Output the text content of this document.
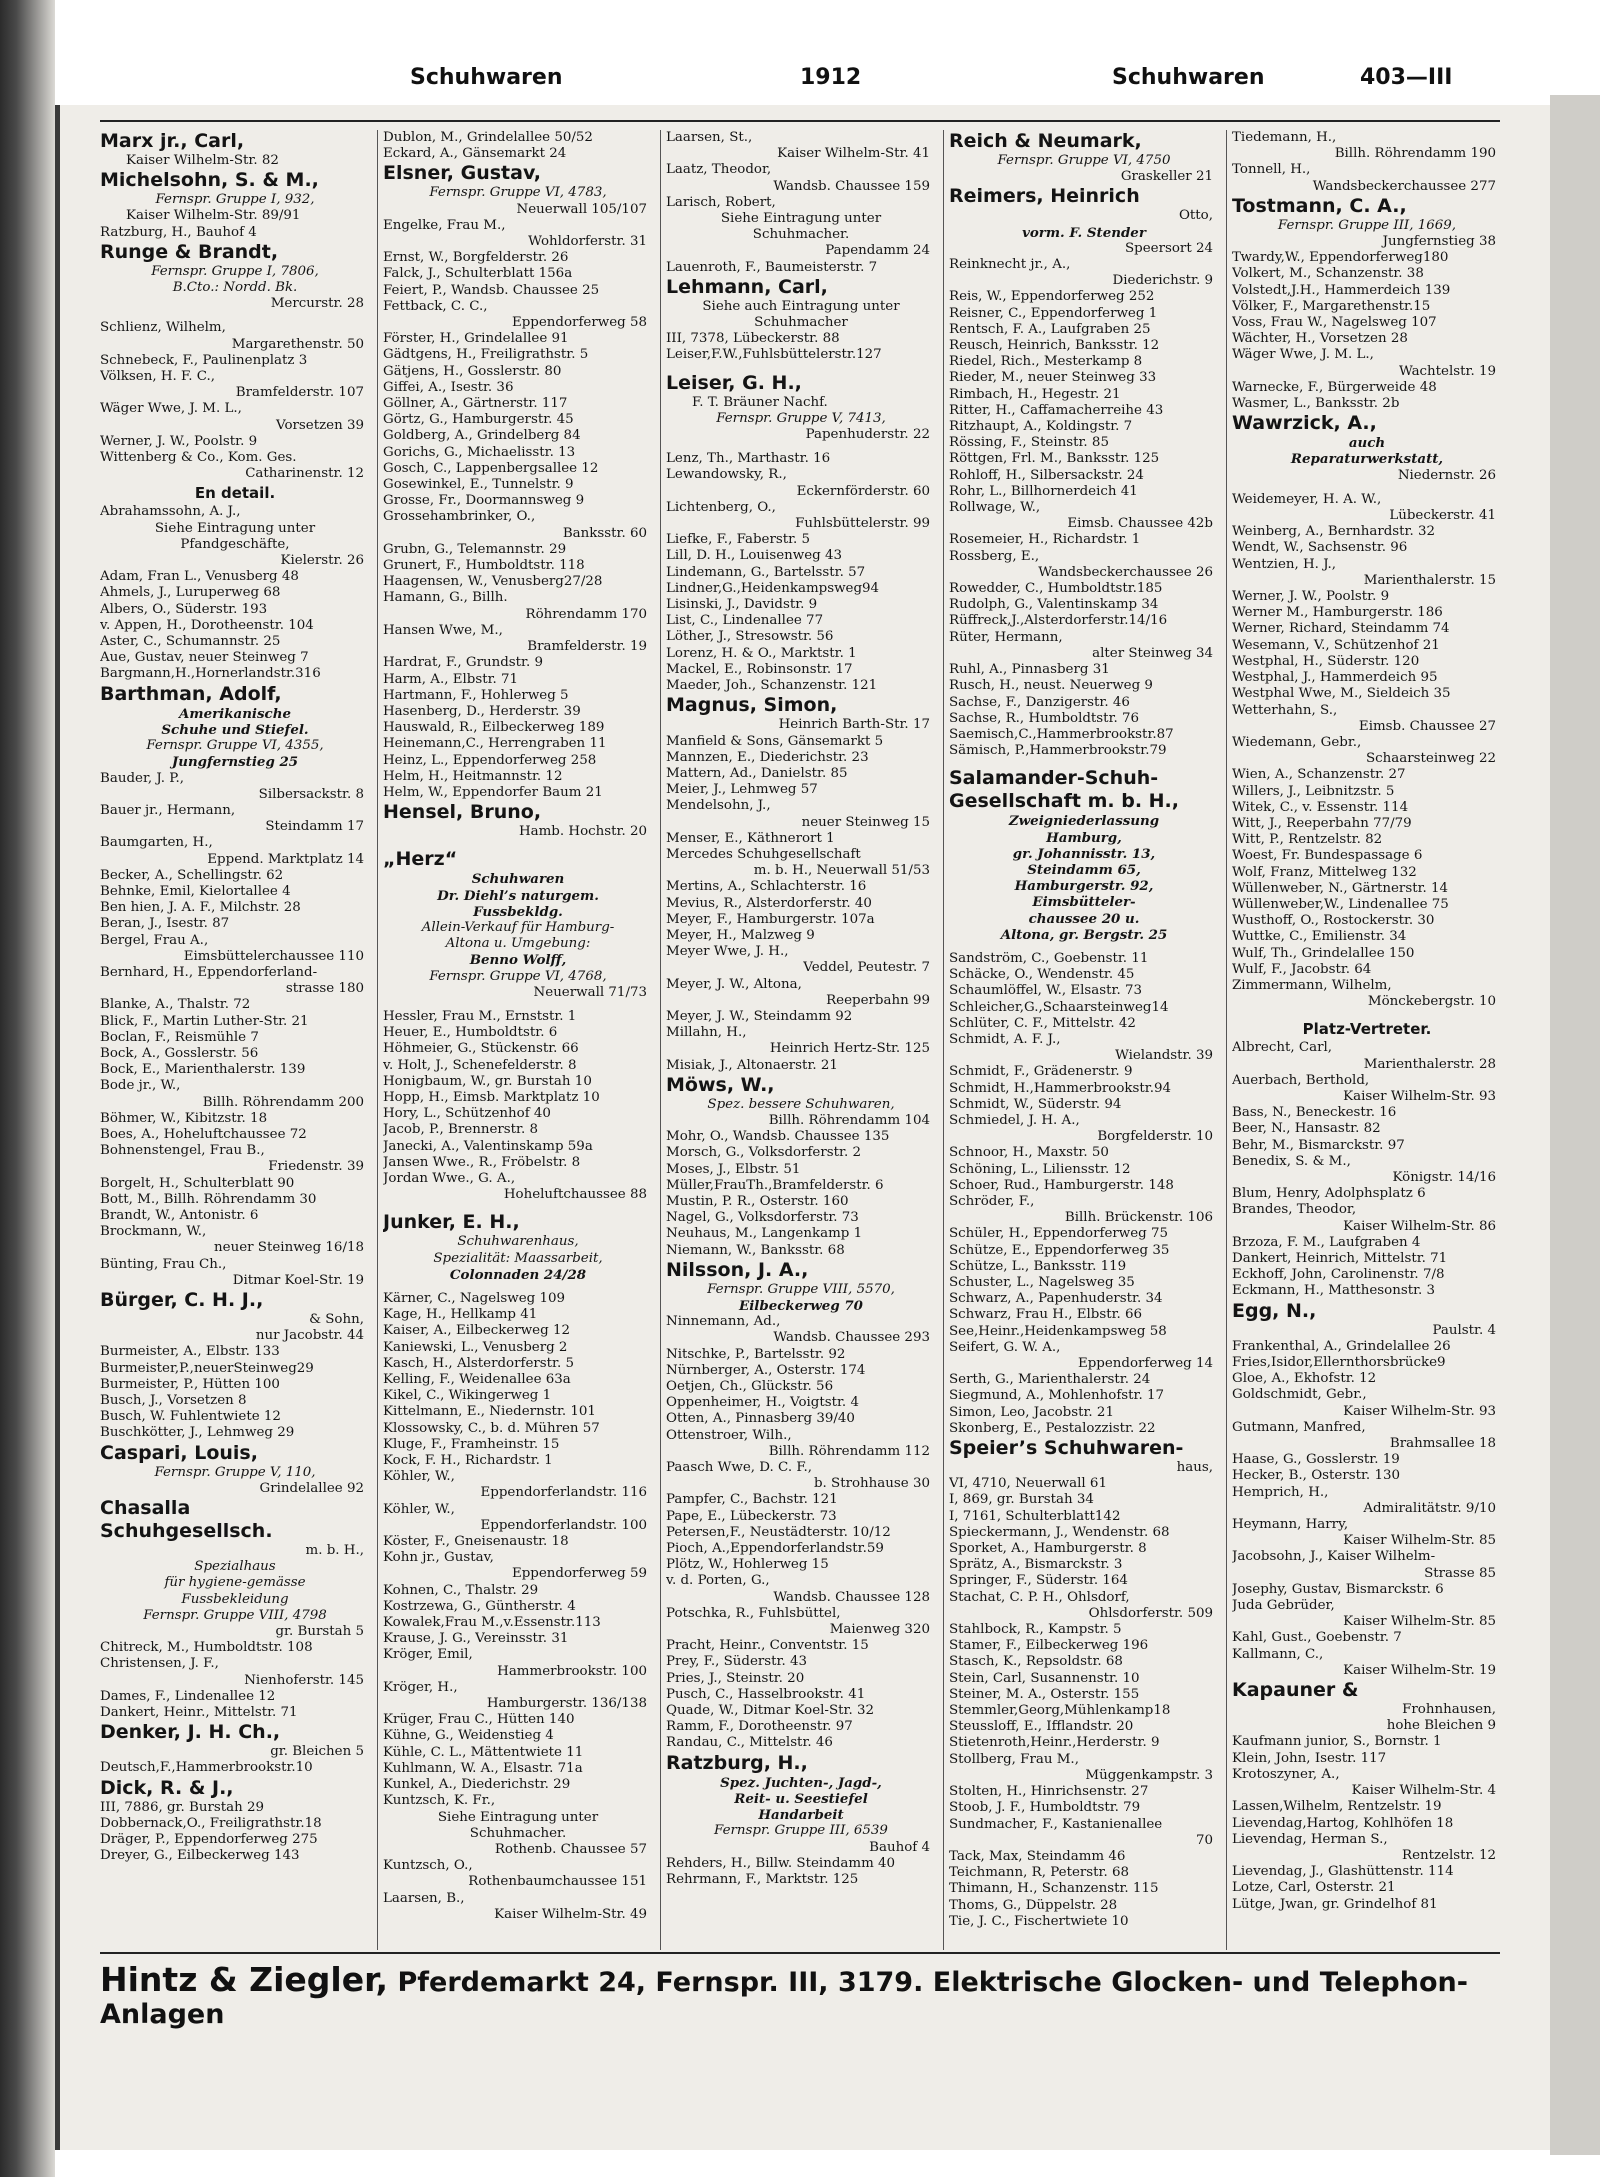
Schuhwaren	1912	Schuhwaren	403—III
Marx jr., Carl,
Kaiser Wilhelm-Str. 82
Michelsohn, S. & M.,
Fernspr. Gruppe I, 932,
Kaiser Wilhelm-Str. 89/91
Ratzburg, H., Bauhof 4
Runge & Brandt,
Fernspr. Gruppe I, 7806,
B.Cto.: Nordd. Bk.
Mercurstr. 28
Schlienz, Wilhelm,
Margarethenstr. 50
Schnebeck, F., Paulinenplatz 3
Völksen, H. F. C.,
Bramfelderstr. 107
Wäger Wwe, J. M. L.,
Vorsetzen 39
Werner, J. W., Poolstr. 9
Wittenberg & Co., Kom. Ges.
Catharinenstr. 12
En detail.
Abrahamssohn, A. J.,
Siehe Eintragung unter
Pfandgeschäfte,
Kielerstr. 26
Adam, Fran L., Venusberg 48
Ahmels, J., Luruperweg 68
Albers, O., Süderstr. 193
v. Appen, H., Dorotheenstr. 104
Aster, C., Schumannstr. 25
Aue, Gustav, neuer Steinweg 7
Bargmann,H.,Hornerlandstr.316
Barthman, Adolf,
Amerikanische
Schuhe und Stiefel.
Fernspr. Gruppe VI, 4355,
Jungfernstieg 25
Bauder, J. P.,
Silbersackstr. 8
Bauer jr., Hermann,
Steindamm 17
Baumgarten, H.,
Eppend. Marktplatz 14
Becker, A., Schellingstr. 62
Behnke, Emil, Kielortallee 4
Ben hien, J. A. F., Milchstr. 28
Beran, J., Isestr. 87
Bergel, Frau A.,
Eimsbüttelerchaussee 110
Bernhard, H., Eppendorferland-
strasse 180
Blanke, A., Thalstr. 72
Blick, F., Martin Luther-Str. 21
Boclan, F., Reismühle 7
Bock, A., Gosslerstr. 56
Bock, E., Marienthalerstr. 139
Bode jr., W.,
Billh. Röhrendamm 200
Böhmer, W., Kibitzstr. 18
Boes, A., Hoheluftchaussee 72
Bohnenstengel, Frau B.,
Friedenstr. 39
Borgelt, H., Schulterblatt 90
Bott, M., Billh. Röhrendamm 30
Brandt, W., Antonistr. 6
Brockmann, W.,
neuer Steinweg 16/18
Bünting, Frau Ch.,
Ditmar Koel-Str. 19
Bürger, C. H. J.,
& Sohn,
nur Jacobstr. 44
Burmeister, A., Elbstr. 133
Burmeister,P.,neuerSteinweg29
Burmeister, P., Hütten 100
Busch, J., Vorsetzen 8
Busch, W. Fuhlentwiete 12
Buschkötter, J., Lehmweg 29
Caspari, Louis,
Fernspr. Gruppe V, 110,
Grindelallee 92
Chasalla
Schuhgesellsch.
m. b. H.,
Spezialhaus
für hygiene-gemässe
Fussbekleidung
Fernspr. Gruppe VIII, 4798
gr. Burstah 5
Chitreck, M., Humboldtstr. 108
Christensen, J. F.,
Nienhoferstr. 145
Dames, F., Lindenallee 12
Dankert, Heinr., Mittelstr. 71
Denker, J. H. Ch.,
gr. Bleichen 5
Deutsch,F.,Hammerbrookstr.10
Dick, R. & J.,
III, 7886, gr. Burstah 29
Dobbernack,O., Freiligrathstr.18
Dräger, P., Eppendorferweg 275
Dreyer, G., Eilbeckerweg 143
Dublon, M., Grindelallee 50/52
Eckard, A., Gänsemarkt 24
Elsner, Gustav,
Fernspr. Gruppe VI, 4783,
Neuerwall 105/107
Engelke, Frau M.,
Wohldorferstr. 31
Ernst, W., Borgfelderstr. 26
Falck, J., Schulterblatt 156a
Feiert, P., Wandsb. Chaussee 25
Fettback, C. C.,
Eppendorferweg 58
Förster, H., Grindelallee 91
Gädtgens, H., Freiligrathstr. 5
Gätjens, H., Gosslerstr. 80
Giffei, A., Isestr. 36
Göllner, A., Gärtnerstr. 117
Görtz, G., Hamburgerstr. 45
Goldberg, A., Grindelberg 84
Gorichs, G., Michaelisstr. 13
Gosch, C., Lappenbergsallee 12
Gosewinkel, E., Tunnelstr. 9
Grosse, Fr., Doormannsweg 9
Grossehambrinker, O.,
Banksstr. 60
Grubn, G., Telemannstr. 29
Grunert, F., Humboldtstr. 118
Haagensen, W., Venusberg27/28
Hamann, G., Billh.
Röhrendamm 170
Hansen Wwe, M.,
Bramfelderstr. 19
Hardrat, F., Grundstr. 9
Harm, A., Elbstr. 71
Hartmann, F., Hohlerweg 5
Hasenberg, D., Herderstr. 39
Hauswald, R., Eilbeckerweg 189
Heinemann,C., Herrengraben 11
Heinz, L., Eppendorferweg 258
Helm, H., Heitmannstr. 12
Helm, W., Eppendorfer Baum 21
Hensel, Bruno,
Hamb. Hochstr. 20
„Herz“
Schuhwaren
Dr. Diehl’s naturgem.
Fussbekldg.
Allein-Verkauf für Hamburg-
Altona u. Umgebung:
Benno Wolff,
Fernspr. Gruppe VI, 4768,
Neuerwall 71/73
Hessler, Frau M., Ernststr. 1
Heuer, E., Humboldtstr. 6
Höhmeier, G., Stückenstr. 66
v. Holt, J., Schenefelderstr. 8
Honigbaum, W., gr. Burstah 10
Hopp, H., Eimsb. Marktplatz 10
Hory, L., Schützenhof 40
Jacob, P., Brennerstr. 8
Janecki, A., Valentinskamp 59a
Jansen Wwe., R., Fröbelstr. 8
Jordan Wwe., G. A.,
Hoheluftchaussee 88
Junker, E. H.,
Schuhwarenhaus,
Spezialität: Maassarbeit,
Colonnaden 24/28
Kärner, C., Nagelsweg 109
Kage, H., Hellkamp 41
Kaiser, A., Eilbeckerweg 12
Kaniewski, L., Venusberg 2
Kasch, H., Alsterdorferstr. 5
Kelling, F., Weidenallee 63a
Kikel, C., Wikingerweg 1
Kittelmann, E., Niedernstr. 101
Klossowsky, C., b. d. Mühren 57
Kluge, F., Framheinstr. 15
Kock, F. H., Richardstr. 1
Köhler, W.,
Eppendorferlandstr. 116
Köhler, W.,
Eppendorferlandstr. 100
Köster, F., Gneisenaustr. 18
Kohn jr., Gustav,
Eppendorferweg 59
Kohnen, C., Thalstr. 29
Kostrzewa, G., Güntherstr. 4
Kowalek,Frau M.,v.Essenstr.113
Krause, J. G., Vereinsstr. 31
Kröger, Emil,
Hammerbrookstr. 100
Kröger, H.,
Hamburgerstr. 136/138
Krüger, Frau C., Hütten 140
Kühne, G., Weidenstieg 4
Kühle, C. L., Mättentwiete 11
Kuhlmann, W. A., Elsastr. 71a
Kunkel, A., Diederichstr. 29
Kuntzsch, K. Fr.,
Siehe Eintragung unter
Schuhmacher.
Rothenb. Chaussee 57
Kuntzsch, O.,
Rothenbaumchaussee 151
Laarsen, B.,
Kaiser Wilhelm-Str. 49
Laarsen, St.,
Kaiser Wilhelm-Str. 41
Laatz, Theodor,
Wandsb. Chaussee 159
Larisch, Robert,
Siehe Eintragung unter
Schuhmacher.
Papendamm 24
Lauenroth, F., Baumeisterstr. 7
Lehmann, Carl,
Siehe auch Eintragung unter
Schuhmacher
III, 7378, Lübeckerstr. 88
Leiser,F.W.,Fuhlsbüttelerstr.127
Leiser, G. H.,
F. T. Bräuner Nachf.
Fernspr. Gruppe V, 7413,
Papenhuderstr. 22
Lenz, Th., Marthastr. 16
Lewandowsky, R.,
Eckernförderstr. 60
Lichtenberg, O.,
Fuhlsbüttelerstr. 99
Liefke, F., Faberstr. 5
Lill, D. H., Louisenweg 43
Lindemann, G., Bartelsstr. 57
Lindner,G.,Heidenkampsweg94
Lisinski, J., Davidstr. 9
List, C., Lindenallee 77
Löther, J., Stresowstr. 56
Lorenz, H. & O., Marktstr. 1
Mackel, E., Robinsonstr. 17
Maeder, Joh., Schanzenstr. 121
Magnus, Simon,
Heinrich Barth-Str. 17
Manfield & Sons, Gänsemarkt 5
Mannzen, E., Diederichstr. 23
Mattern, Ad., Danielstr. 85
Meier, J., Lehmweg 57
Mendelsohn, J.,
neuer Steinweg 15
Menser, E., Käthnerort 1
Mercedes Schuhgesellschaft
m. b. H., Neuerwall 51/53
Mertins, A., Schlachterstr. 16
Mevius, R., Alsterdorferstr. 40
Meyer, F., Hamburgerstr. 107a
Meyer, H., Malzweg 9
Meyer Wwe, J. H.,
Veddel, Peutestr. 7
Meyer, J. W., Altona,
Reeperbahn 99
Meyer, J. W., Steindamm 92
Millahn, H.,
Heinrich Hertz-Str. 125
Misiak, J., Altonaerstr. 21
Möws, W.,
Spez. bessere Schuhwaren,
Billh. Röhrendamm 104
Mohr, O., Wandsb. Chaussee 135
Morsch, G., Volksdorferstr. 2
Moses, J., Elbstr. 51
Müller,FrauTh.,Bramfelderstr. 6
Mustin, P. R., Osterstr. 160
Nagel, G., Volksdorferstr. 73
Neuhaus, M., Langenkamp 1
Niemann, W., Banksstr. 68
Nilsson, J. A.,
Fernspr. Gruppe VIII, 5570,
Eilbeckerweg 70
Ninnemann, Ad.,
Wandsb. Chaussee 293
Nitschke, P., Bartelsstr. 92
Nürnberger, A., Osterstr. 174
Oetjen, Ch., Glückstr. 56
Oppenheimer, H., Voigtstr. 4
Otten, A., Pinnasberg 39/40
Ottenstroer, Wilh.,
Billh. Röhrendamm 112
Paasch Wwe, D. C. F.,
b. Strohhause 30
Pampfer, C., Bachstr. 121
Pape, E., Lübeckerstr. 73
Petersen,F., Neustädterstr. 10/12
Pioch, A.,Eppendorferlandstr.59
Plötz, W., Hohlerweg 15
v. d. Porten, G.,
Wandsb. Chaussee 128
Potschka, R., Fuhlsbüttel,
Maienweg 320
Pracht, Heinr., Conventstr. 15
Prey, F., Süderstr. 43
Pries, J., Steinstr. 20
Pusch, C., Hasselbrookstr. 41
Quade, W., Ditmar Koel-Str. 32
Ramm, F., Dorotheenstr. 97
Randau, C., Mittelstr. 46
Ratzburg, H.,
Spez. Juchten-, Jagd-,
Reit- u. Seestiefel
Handarbeit
Fernspr. Gruppe III, 6539
Bauhof 4
Rehders, H., Billw. Steindamm 40
Rehrmann, F., Marktstr. 125
Reich & Neumark,
Fernspr. Gruppe VI, 4750
Graskeller 21
Reimers, Heinrich
Otto,
vorm. F. Stender
Speersort 24
Reinknecht jr., A.,
Diederichstr. 9
Reis, W., Eppendorferweg 252
Reisner, C., Eppendorferweg 1
Rentsch, F. A., Laufgraben 25
Reusch, Heinrich, Banksstr. 12
Riedel, Rich., Mesterkamp 8
Rieder, M., neuer Steinweg 33
Rimbach, H., Hegestr. 21
Ritter, H., Caffamacherreihe 43
Ritzhaupt, A., Koldingstr. 7
Rössing, F., Steinstr. 85
Röttgen, Frl. M., Banksstr. 125
Rohloff, H., Silbersackstr. 24
Rohr, L., Billhornerdeich 41
Rollwage, W.,
Eimsb. Chaussee 42b
Rosemeier, H., Richardstr. 1
Rossberg, E.,
Wandsbeckerchaussee 26
Rowedder, C., Humboldtstr.185
Rudolph, G., Valentinskamp 34
Rüffreck,J.,Alsterdorferstr.14/16
Rüter, Hermann,
alter Steinweg 34
Ruhl, A., Pinnasberg 31
Rusch, H., neust. Neuerweg 9
Sachse, F., Danzigerstr. 46
Sachse, R., Humboldtstr. 76
Saemisch,C.,Hammerbrookstr.87
Sämisch, P.,Hammerbrookstr.79
Salamander-Schuh-
Gesellschaft m. b. H.,
Zweigniederlassung
Hamburg,
gr. Johannisstr. 13,
Steindamm 65,
Hamburgerstr. 92,
Eimsbütteler-
chaussee 20 u.
Altona, gr. Bergstr. 25
Sandström, C., Goebenstr. 11
Schäcke, O., Wendenstr. 45
Schaumlöffel, W., Elsastr. 73
Schleicher,G.,Schaarsteinweg14
Schlüter, C. F., Mittelstr. 42
Schmidt, A. F. J.,
Wielandstr. 39
Schmidt, F., Grädenerstr. 9
Schmidt, H.,Hammerbrookstr.94
Schmidt, W., Süderstr. 94
Schmiedel, J. H. A.,
Borgfelderstr. 10
Schnoor, H., Maxstr. 50
Schöning, L., Liliensstr. 12
Schoer, Rud., Hamburgerstr. 148
Schröder, F.,
Billh. Brückenstr. 106
Schüler, H., Eppendorferweg 75
Schütze, E., Eppendorferweg 35
Schütze, L., Banksstr. 119
Schuster, L., Nagelsweg 35
Schwarz, A., Papenhuderstr. 34
Schwarz, Frau H., Elbstr. 66
See,Heinr.,Heidenkampsweg 58
Seifert, G. W. A.,
Eppendorferweg 14
Serth, G., Marienthalerstr. 24
Siegmund, A., Mohlenhofstr. 17
Simon, Leo, Jacobstr. 21
Skonberg, E., Pestalozzistr. 22
Speier’s Schuhwaren-
haus,
VI, 4710, Neuerwall 61
I, 869, gr. Burstah 34
I, 7161, Schulterblatt142
Spieckermann, J., Wendenstr. 68
Sporket, A., Hamburgerstr. 8
Sprätz, A., Bismarckstr. 3
Springer, F., Süderstr. 164
Stachat, C. P. H., Ohlsdorf,
Ohlsdorferstr. 509
Stahlbock, R., Kampstr. 5
Stamer, F., Eilbeckerweg 196
Stasch, K., Repsoldstr. 68
Stein, Carl, Susannenstr. 10
Steiner, M. A., Osterstr. 155
Stemmler,Georg,Mühlenkamp18
Steussloff, E., Ifflandstr. 20
Stietenroth,Heinr.,Herderstr. 9
Stollberg, Frau M.,
Müggenkampstr. 3
Stolten, H., Hinrichsenstr. 27
Stoob, J. F., Humboldtstr. 79
Sundmacher, F., Kastanienallee
70
Tack, Max, Steindamm 46
Teichmann, R, Peterstr. 68
Thimann, H., Schanzenstr. 115
Thoms, G., Düppelstr. 28
Tie, J. C., Fischertwiete 10
Tiedemann, H.,
Billh. Röhrendamm 190
Tonnell, H.,
Wandsbeckerchaussee 277
Tostmann, C. A.,
Fernspr. Gruppe III, 1669,
Jungfernstieg 38
Twardy,W., Eppendorferweg180
Volkert, M., Schanzenstr. 38
Volstedt,J.H., Hammerdeich 139
Völker, F., Margarethenstr.15
Voss, Frau W., Nagelsweg 107
Wächter, H., Vorsetzen 28
Wäger Wwe, J. M. L.,
Wachtelstr. 19
Warnecke, F., Bürgerweide 48
Wasmer, L., Banksstr. 2b
Wawrzick, A.,
auch
Reparaturwerkstatt,
Niedernstr. 26
Weidemeyer, H. A. W.,
Lübeckerstr. 41
Weinberg, A., Bernhardstr. 32
Wendt, W., Sachsenstr. 96
Wentzien, H. J.,
Marienthalerstr. 15
Werner, J. W., Poolstr. 9
Werner M., Hamburgerstr. 186
Werner, Richard, Steindamm 74
Wesemann, V., Schützenhof 21
Westphal, H., Süderstr. 120
Westphal, J., Hammerdeich 95
Westphal Wwe, M., Sieldeich 35
Wetterhahn, S.,
Eimsb. Chaussee 27
Wiedemann, Gebr.,
Schaarsteinweg 22
Wien, A., Schanzenstr. 27
Willers, J., Leibnitzstr. 5
Witek, C., v. Essenstr. 114
Witt, J., Reeperbahn 77/79
Witt, P., Rentzelstr. 82
Woest, Fr. Bundespassage 6
Wolf, Franz, Mittelweg 132
Wüllenweber, N., Gärtnerstr. 14
Wüllenweber,W., Lindenallee 75
Wusthoff, O., Rostockerstr. 30
Wuttke, C., Emilienstr. 34
Wulf, Th., Grindelallee 150
Wulf, F., Jacobstr. 64
Zimmermann, Wilhelm,
Mönckebergstr. 10
Platz-Vertreter.
Albrecht, Carl,
Marienthalerstr. 28
Auerbach, Berthold,
Kaiser Wilhelm-Str. 93
Bass, N., Beneckestr. 16
Beer, N., Hansastr. 82
Behr, M., Bismarckstr. 97
Benedix, S. & M.,
Königstr. 14/16
Blum, Henry, Adolphsplatz 6
Brandes, Theodor,
Kaiser Wilhelm-Str. 86
Brzoza, F. M., Laufgraben 4
Dankert, Heinrich, Mittelstr. 71
Eckhoff, John, Carolinenstr. 7/8
Eckmann, H., Matthesonstr. 3
Egg, N.,
Paulstr. 4
Frankenthal, A., Grindelallee 26
Fries,Isidor,Ellernthorsbrücke9
Gloe, A., Ekhofstr. 12
Goldschmidt, Gebr.,
Kaiser Wilhelm-Str. 93
Gutmann, Manfred,
Brahmsallee 18
Haase, G., Gosslerstr. 19
Hecker, B., Osterstr. 130
Hemprich, H.,
Admiralitätstr. 9/10
Heymann, Harry,
Kaiser Wilhelm-Str. 85
Jacobsohn, J., Kaiser Wilhelm-
Strasse 85
Josephy, Gustav, Bismarckstr. 6
Juda Gebrüder,
Kaiser Wilhelm-Str. 85
Kahl, Gust., Goebenstr. 7
Kallmann, C.,
Kaiser Wilhelm-Str. 19
Kapauner &
Frohnhausen,
hohe Bleichen 9
Kaufmann junior, S., Bornstr. 1
Klein, John, Isestr. 117
Krotoszyner, A.,
Kaiser Wilhelm-Str. 4
Lassen,Wilhelm, Rentzelstr. 19
Lievendag,Hartog, Kohlhöfen 18
Lievendag, Herman S.,
Rentzelstr. 12
Lievendag, J., Glashüttenstr. 114
Lotze, Carl, Osterstr. 21
Lütge, Jwan, gr. Grindelhof 81
Hintz & Ziegler, Pferdemarkt 24, Fernspr. III, 3179. Elektrische Glocken- und Telephon-Anlagen
